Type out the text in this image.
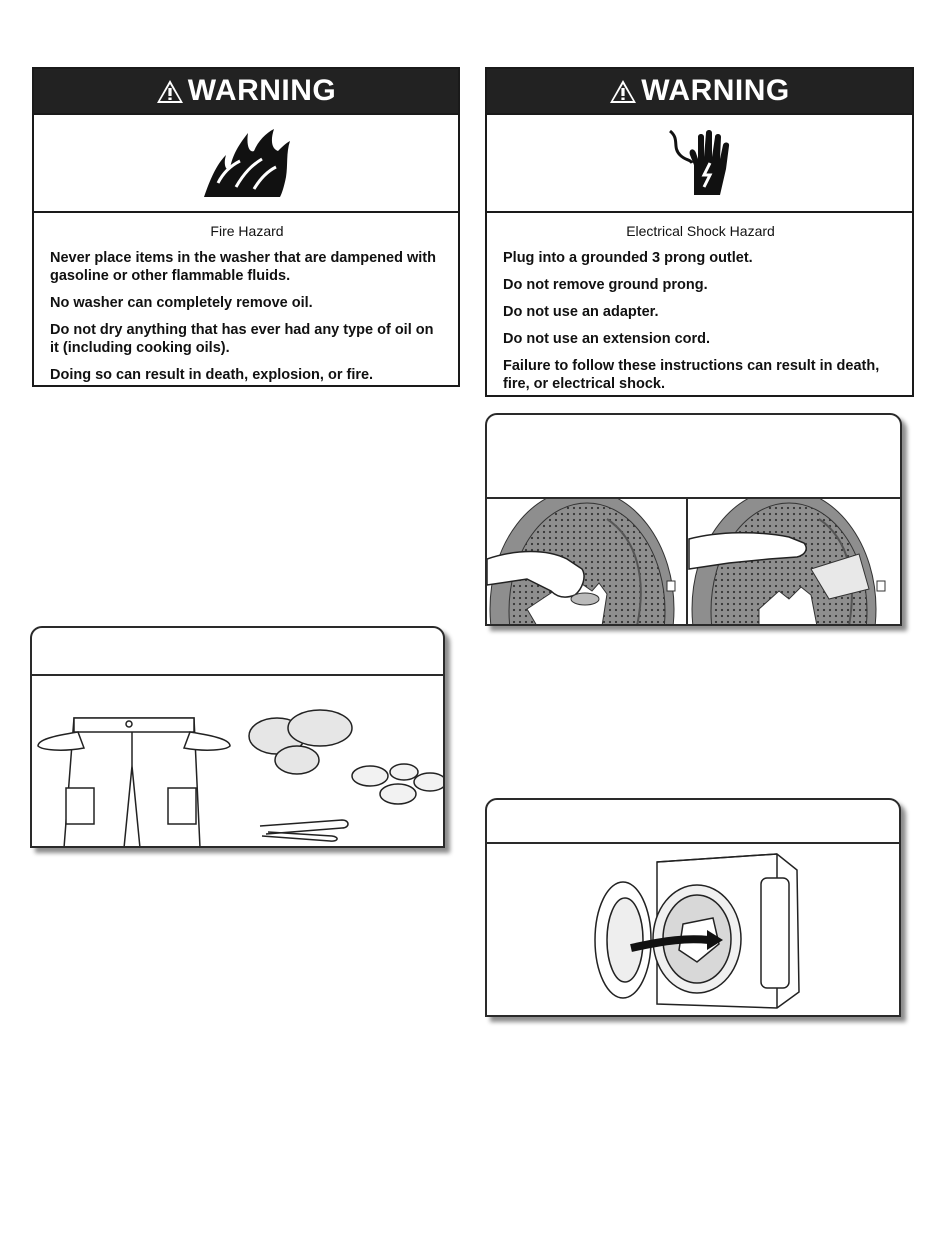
WARNING
Fire Hazard
Never place items in the washer that are dampened with gasoline or other flammable fluids.
No washer can completely remove oil.
Do not dry anything that has ever had any type of oil on it (including cooking oils).
Doing so can result in death, explosion, or fire.
WARNING
Electrical Shock Hazard
Plug into a grounded 3 prong outlet.
Do not remove ground prong.
Do not use an adapter.
Do not use an extension cord.
Failure to follow these instructions can result in death, fire, or electrical shock.
